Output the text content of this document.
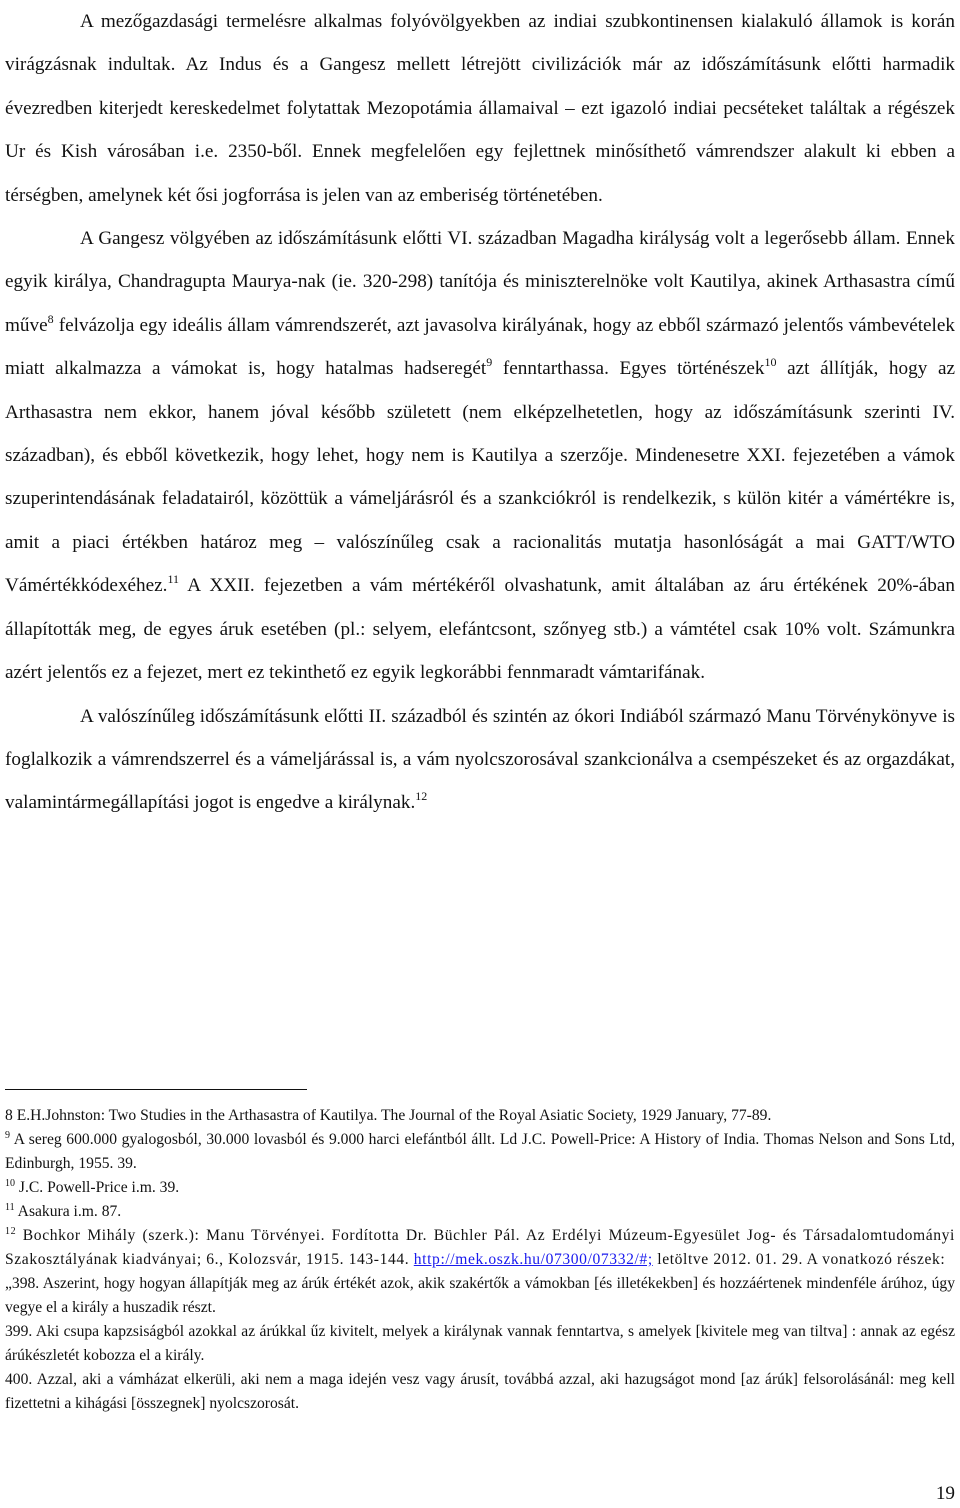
A mezőgazdasági termelésre alkalmas folyóvölgyekben az indiai szubkontinensen kialakuló államok is korán virágzásnak indultak. Az Indus és a Gangesz mellett létrejött civilizációk már az időszámításunk előtti harmadik évezredben kiterjedt kereskedelmet folytattak Mezopotámia államaival – ezt igazoló indiai pecséteket találtak a régészek Ur és Kish városában i.e. 2350-ből. Ennek megfelelően egy fejlettnek minősíthető vámrendszer alakult ki ebben a térségben, amelynek két ősi jogforrása is jelen van az emberiség történetében.

A Gangesz völgyében az időszámításunk előtti VI. században Magadha királyság volt a legerősebb állam. Ennek egyik királya, Chandragupta Maurya-nak (ie. 320-298) tanítója és miniszterelnöke volt Kautilya, akinek Arthasastra című műve$^8$ felvázolja egy ideális állam vámrendszerét, azt javasolva királyának, hogy az ebből származó jelentős vámbevételek miatt alkalmazza a vámokat is, hogy hatalmas hadseregét$^9$ fenntarthassa. Egyes történészek$^{10}$ azt állítják, hogy az Arthasastra nem ekkor, hanem jóval később született (nem elképzelhetetlen, hogy az időszámításunk szerinti IV. században), és ebből következik, hogy lehet, hogy nem is Kautilya a szerzője. Mindenesetre XXI. fejezetében a vámok szuperintendásának feladatairól, közöttük a vámeljárásról és a szankciókról is rendelkezik, s külön kitér a vámértékre is, amit a piaci értékben határoz meg – valószínűleg csak a racionalitás mutatja hasonlóságát a mai GATT/WTO Vámértékkódexéhez.$^{11}$ A XXII. fejezetben a vám mértékéről olvashatunk, amit általában az áru értékének 20%-ában állapították meg, de egyes áruk esetében (pl.: selyem, elefántcsont, szőnyeg stb.) a vámtétel csak 10% volt. Számunkra azért jelentős ez a fejezet, mert ez tekinthető ez egyik legkorábbi fennmaradt vámtarifának.

A valószínűleg időszámításunk előtti II. századból és szintén az ókori Indiából származó Manu Törvénykönyve is foglalkozik a vámrendszerrel és a vámeljárással is, a vám nyolcszorosával szankcionálva a csempészeket és az orgazdákat, valamintármegállapítási jogot is engedve a királynak.$^{12}$

8 E.H.Johnston: Two Studies in the Arthasastra of Kautilya. The Journal of the Royal Asiatic Society, 1929 January, 77-89.

$^9$ A sereg 600.000 gyalogosból, 30.000 lovasból és 9.000 harci elefántból állt. Ld J.C. Powell-Price: A History of India. Thomas Nelson and Sons Ltd, Edinburgh, 1955. 39.

$^{10}$ J.C. Powell-Price i.m. 39.

$^{11}$ Asakura i.m. 87.

$^{12}$ Bochkor Mihály (szerk.): Manu Törvényei. Fordította Dr. Büchler Pál. Az Erdélyi Múzeum-Egyesület Jog- és Társadalomtudományi Szakosztályának kiadványai; 6., Kolozsvár, 1915. 143-144. http://mek.oszk.hu/07300/07332/#; letöltve 2012. 01. 29. A vonatkozó részek:

„398. Aszerint, hogy hogyan állapítják meg az árúk értékét azok, akik szakértők a vámokban [és illetékekben] és hozzáértenek mindenféle árúhoz, úgy vegye el a király a huszadik részt.

399. Aki csupa kapzsiságból azokkal az árúkkal űz kivitelt, melyek a királynak vannak fenntartva, s amelyek [kivitele meg van tiltva] : annak az egész árúkészletét kobozza el a király.

400. Azzal, aki a vámházat elkerüli, aki nem a maga idején vesz vagy árusít, továbbá azzal, aki hazugságot mond [az árúk] felsorolásánál: meg kell fizettetni a kihágási [összegnek] nyolcszorosát.

19
